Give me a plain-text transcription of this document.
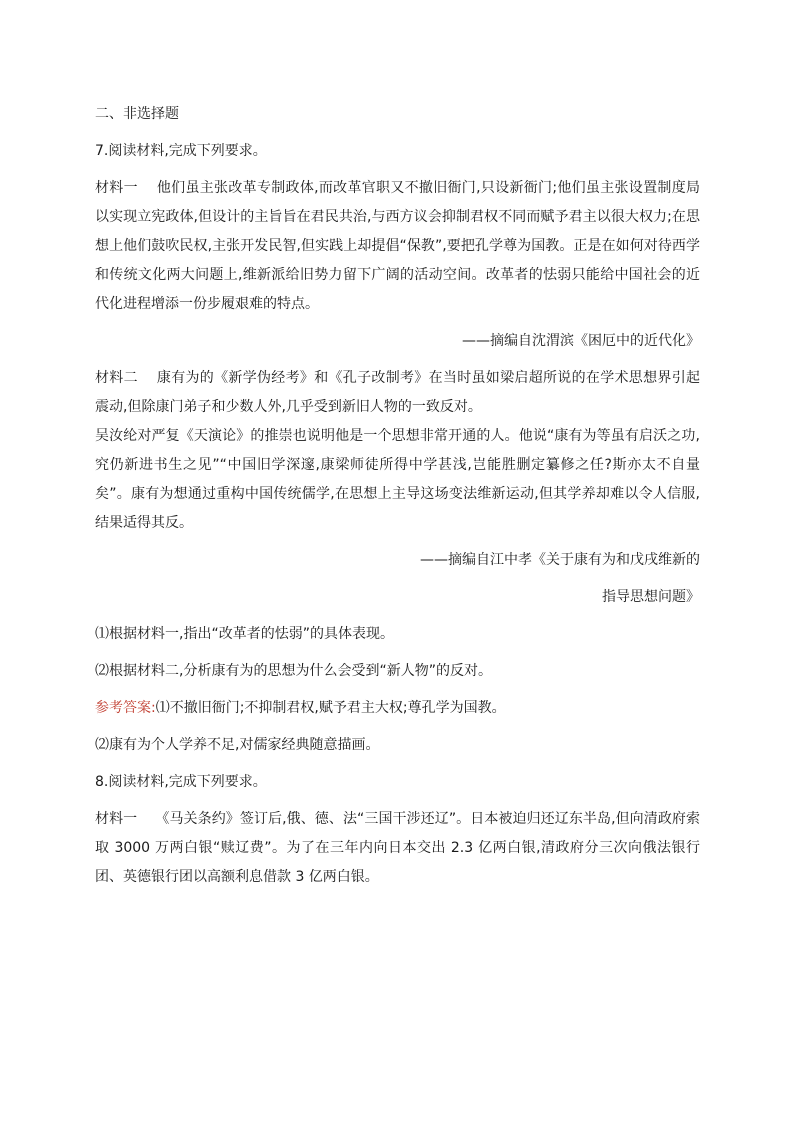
二、非选择题

7.阅读材料,完成下列要求。

材料一 他们虽主张改革专制政体,而改革官职又不撤旧衙门,只设新衙门;他们虽主张设置制度局以实现立宪政体,但设计的主旨旨在君民共治,与西方议会抑制君权不同而赋予君主以很大权力;在思想上他们鼓吹民权,主张开发民智,但实践上却提倡“保教”,要把孔学尊为国教。正是在如何对待西学和传统文化两大问题上,维新派给旧势力留下广阔的活动空间。改革者的怯弱只能给中国社会的近代化进程增添一份步履艰难的特点。

——摘编自沈渭滨《困厄中的近代化》

材料二 康有为的《新学伪经考》和《孔子改制考》在当时虽如梁启超所说的在学术思想界引起震动,但除康门弟子和少数人外,几乎受到新旧人物的一致反对。

吴汝纶对严复《天演论》的推崇也说明他是一个思想非常开通的人。他说“康有为等虽有启沃之功,究仍新进书生之见”“中国旧学深邃,康梁师徒所得中学甚浅,岂能胜删定纂修之任?斯亦太不自量矣”。康有为想通过重构中国传统儒学,在思想上主导这场变法维新运动,但其学养却难以令人信服,结果适得其反。

——摘编自江中孝《关于康有为和戊戌维新的

指导思想问题》

⑴根据材料一,指出“改革者的怯弱”的具体表现。

⑵根据材料二,分析康有为的思想为什么会受到“新人物”的反对。

参考答案:⑴不撤旧衙门;不抑制君权,赋予君主大权;尊孔学为国教。

⑵康有为个人学养不足,对儒家经典随意描画。

8.阅读材料,完成下列要求。

材料一 《马关条约》签订后,俄、德、法“三国干涉还辽”。日本被迫归还辽东半岛,但向清政府索取 3000 万两白银“赎辽费”。为了在三年内向日本交出 2.3 亿两白银,清政府分三次向俄法银行团、英德银行团以高额利息借款 3 亿两白银。
